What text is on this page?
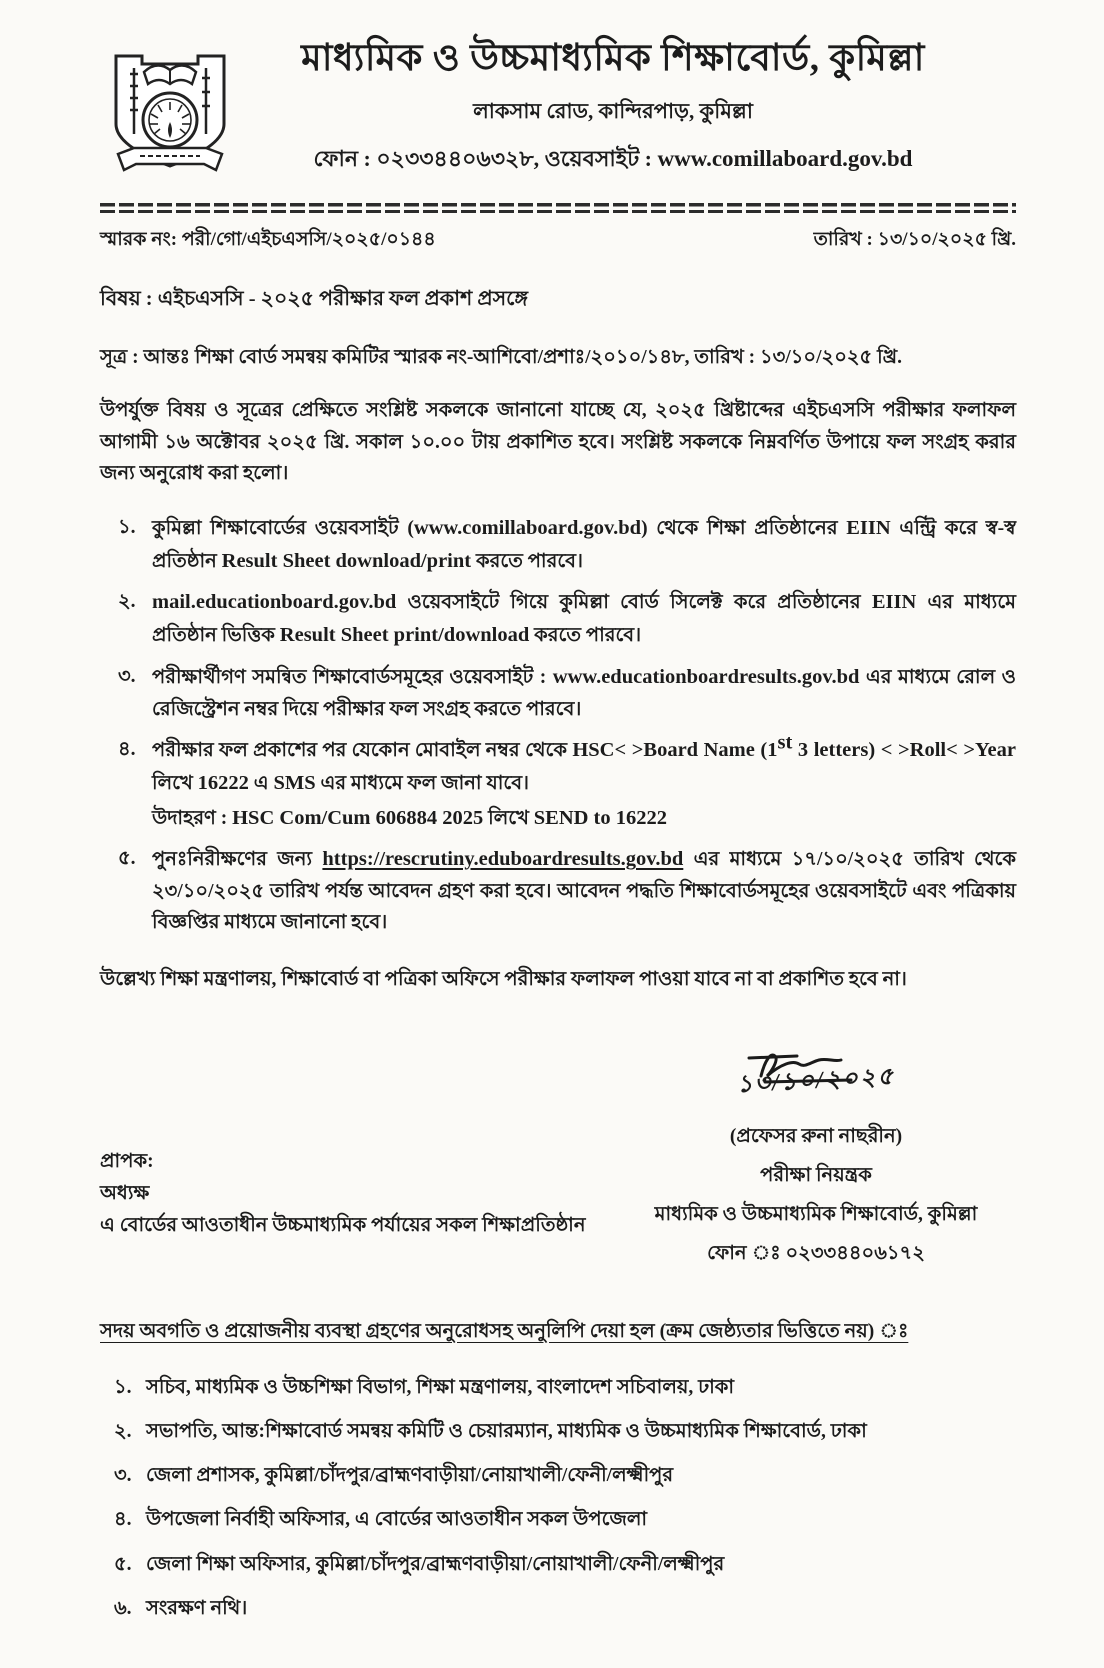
মাধ্যমিক ও উচ্চমাধ্যমিক শিক্ষাবোর্ড, কুমিল্লা
লাকসাম রোড, কান্দিরপাড়, কুমিল্লা
ফোন : ০২৩৩৪৪০৬৩২৮, ওয়েবসাইট : www.comillaboard.gov.bd
স্মারক নং: পরী/গো/এইচএসসি/২০২৫/০১৪৪	তারিখ : ১৩/১০/২০২৫ খ্রি.
বিষয় : এইচএসসি - ২০২৫ পরীক্ষার ফল প্রকাশ প্রসঙ্গে
সূত্র : আন্তঃ শিক্ষা বোর্ড সমন্বয় কমিটির স্মারক নং-আশিবো/প্রশাঃ/২০১০/১৪৮, তারিখ : ১৩/১০/২০২৫ খ্রি.

উপর্যুক্ত বিষয় ও সূত্রের প্রেক্ষিতে সংশ্লিষ্ট সকলকে জানানো যাচ্ছে যে, ২০২৫ খ্রিষ্টাব্দের এইচএসসি পরীক্ষার ফলাফল আগামী ১৬ অক্টোবর ২০২৫ খ্রি. সকাল ১০.০০ টায় প্রকাশিত হবে। সংশ্লিষ্ট সকলকে নিম্নবর্ণিত উপায়ে ফল সংগ্রহ করার জন্য অনুরোধ করা হলো।

১. কুমিল্লা শিক্ষাবোর্ডের ওয়েবসাইট (www.comillaboard.gov.bd) থেকে শিক্ষা প্রতিষ্ঠানের EIIN এন্ট্রি করে স্ব-স্ব প্রতিষ্ঠান Result Sheet download/print করতে পারবে।
২. mail.educationboard.gov.bd ওয়েবসাইটে গিয়ে কুমিল্লা বোর্ড সিলেক্ট করে প্রতিষ্ঠানের EIIN এর মাধ্যমে প্রতিষ্ঠান ভিত্তিক Result Sheet print/download করতে পারবে।
৩. পরীক্ষার্থীগণ সমন্বিত শিক্ষাবোর্ডসমূহের ওয়েবসাইট : www.educationboardresults.gov.bd এর মাধ্যমে রোল ও রেজিস্ট্রেশন নম্বর দিয়ে পরীক্ষার ফল সংগ্রহ করতে পারবে।
৪. পরীক্ষার ফল প্রকাশের পর যেকোন মোবাইল নম্বর থেকে HSC< >Board Name (1st 3 letters) < >Roll< >Year লিখে 16222 এ SMS এর মাধ্যমে ফল জানা যাবে।
উদাহরণ : HSC Com/Cum 606884 2025 লিখে SEND to 16222
৫. পুনঃনিরীক্ষণের জন্য https://rescrutiny.eduboardresults.gov.bd এর মাধ্যমে ১৭/১০/২০২৫ তারিখ থেকে ২৩/১০/২০২৫ তারিখ পর্যন্ত আবেদন গ্রহণ করা হবে। আবেদন পদ্ধতি শিক্ষাবোর্ডসমূহের ওয়েবসাইটে এবং পত্রিকায় বিজ্ঞপ্তির মাধ্যমে জানানো হবে।

উল্লেখ্য শিক্ষা মন্ত্রণালয়, শিক্ষাবোর্ড বা পত্রিকা অফিসে পরীক্ষার ফলাফল পাওয়া যাবে না বা প্রকাশিত হবে না।

প্রাপক:
অধ্যক্ষ
এ বোর্ডের আওতাধীন উচ্চমাধ্যমিক পর্যায়ের সকল শিক্ষাপ্রতিষ্ঠান
১৩/১০/২০২৫
(প্রফেসর রুনা নাছরীন)
পরীক্ষা নিয়ন্ত্রক
মাধ্যমিক ও উচ্চমাধ্যমিক শিক্ষাবোর্ড, কুমিল্লা
ফোন ঃ ০২৩৩৪৪০৬১৭২
সদয় অবগতি ও প্রয়োজনীয় ব্যবস্থা গ্রহণের অনুরোধসহ অনুলিপি দেয়া হল (ক্রম জেষ্ঠ্যতার ভিত্তিতে নয়) ঃ
১. সচিব, মাধ্যমিক ও উচ্চশিক্ষা বিভাগ, শিক্ষা মন্ত্রণালয়, বাংলাদেশ সচিবালয়, ঢাকা
২. সভাপতি, আন্ত:শিক্ষাবোর্ড সমন্বয় কমিটি ও চেয়ারম্যান, মাধ্যমিক ও উচ্চমাধ্যমিক শিক্ষাবোর্ড, ঢাকা
৩. জেলা প্রশাসক, কুমিল্লা/চাঁদপুর/ব্রাহ্মণবাড়ীয়া/নোয়াখালী/ফেনী/লক্ষ্মীপুর
৪. উপজেলা নির্বাহী অফিসার, এ বোর্ডের আওতাধীন সকল উপজেলা
৫. জেলা শিক্ষা অফিসার, কুমিল্লা/চাঁদপুর/ব্রাহ্মণবাড়ীয়া/নোয়াখালী/ফেনী/লক্ষ্মীপুর
৬. সংরক্ষণ নথি।
